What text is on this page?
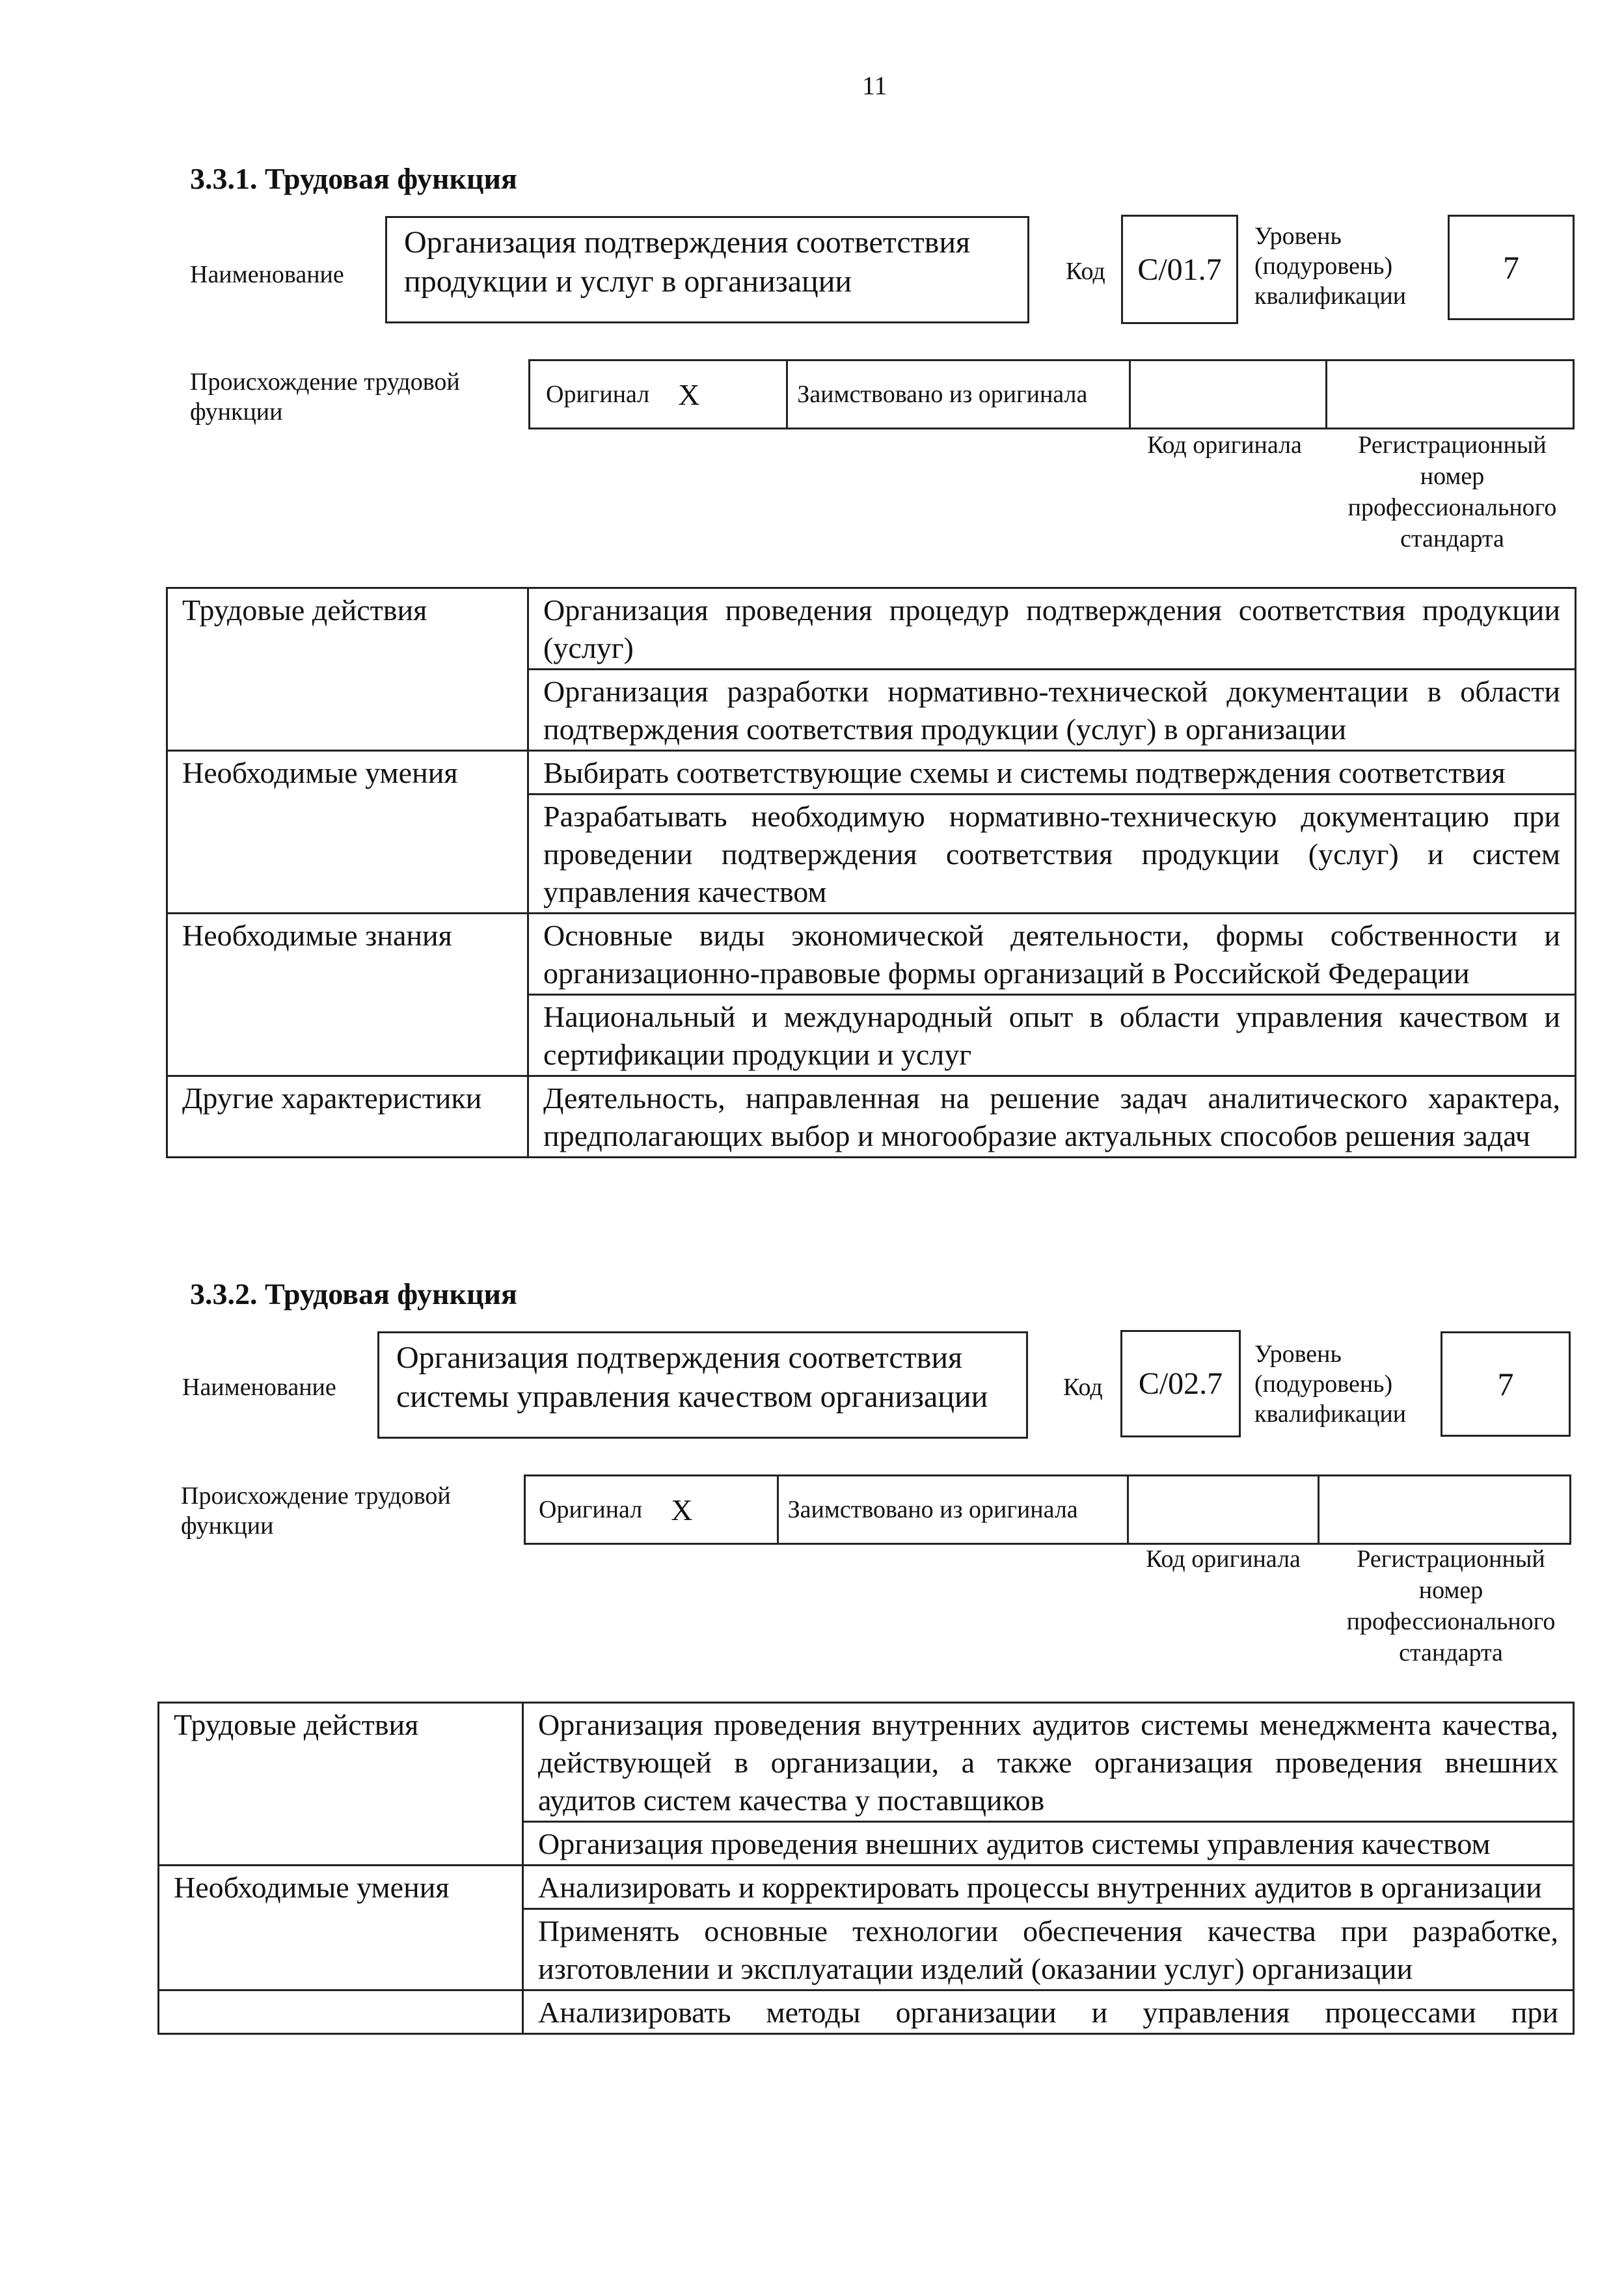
11
3.3.1. Трудовая функция
Наименование
Организация подтверждения соответствия продукции и услуг в организации	Код	C/01.7
Уровень (подуровень) квалификации
7
Происхождение трудовой функции
Оригинал X	Заимствовано из оригинала
Код оригинала	Регистрационный номер профессионального стандарта
Трудовые действия	Организация проведения процедур подтверждения соответствия продукции (услуг)
	Организация разработки нормативно-технической документации в области подтверждения соответствия продукции (услуг) в организации
Необходимые умения	Выбирать соответствующие схемы и системы подтверждения соответствия
	Разрабатывать необходимую нормативно-техническую документацию при проведении подтверждения соответствия продукции (услуг) и систем управления качеством
Необходимые знания	Основные виды экономической деятельности, формы собственности и организационно-правовые формы организаций в Российской Федерации
	Национальный и международный опыт в области управления качеством и сертификации продукции и услуг
Другие характеристики	Деятельность, направленная на решение задач аналитического характера, предполагающих выбор и многообразие актуальных способов решения задач
3.3.2. Трудовая функция
Наименование
Организация подтверждения соответствия системы управления качеством организации	Код	C/02.7
Уровень (подуровень) квалификации
7
Происхождение трудовой функции
Оригинал X	Заимствовано из оригинала
Код оригинала	Регистрационный номер профессионального стандарта
Трудовые действия	Организация проведения внутренних аудитов системы менеджмента качества, действующей в организации, а также организация проведения внешних аудитов систем качества у поставщиков
	Организация проведения внешних аудитов системы управления качеством
Необходимые умения	Анализировать и корректировать процессы внутренних аудитов в организации
	Применять основные технологии обеспечения качества при разработке, изготовлении и эксплуатации изделий (оказании услуг) организации
	Анализировать методы организации и управления процессами при
